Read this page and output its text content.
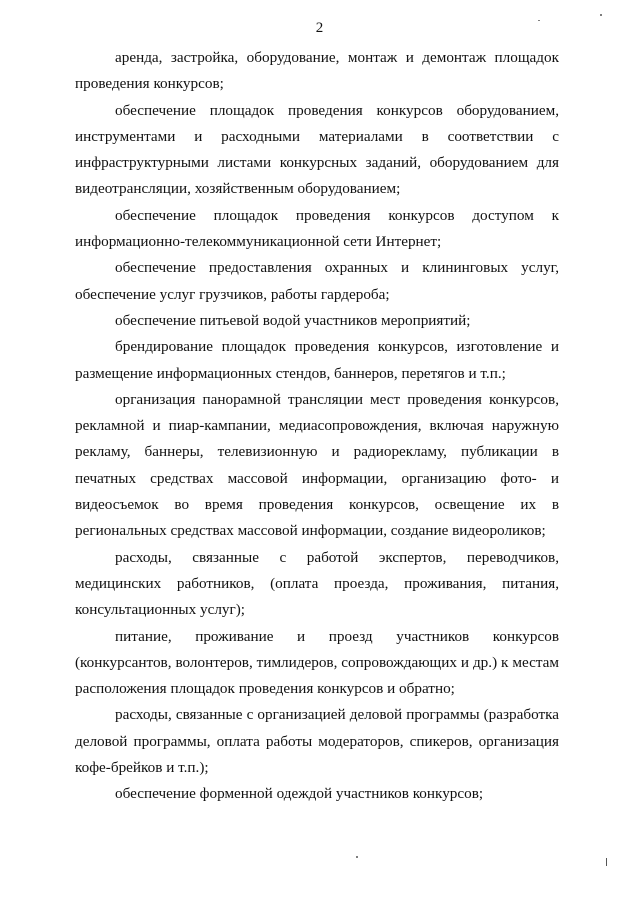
2

аренда, застройка, оборудование, монтаж и демонтаж площадок проведения конкурсов;

обеспечение площадок проведения конкурсов оборудованием, инструментами и расходными материалами в соответствии с инфраструктурными листами конкурсных заданий, оборудованием для видеотрансляции, хозяйственным оборудованием;

обеспечение площадок проведения конкурсов доступом к информационно-телекоммуникационной сети Интернет;

обеспечение предоставления охранных и клининговых услуг, обеспечение услуг грузчиков, работы гардероба;

обеспечение питьевой водой участников мероприятий;

брендирование площадок проведения конкурсов, изготовление и размещение информационных стендов, баннеров, перетягов и т.п.;

организация панорамной трансляции мест проведения конкурсов, рекламной и пиар-кампании, медиасопровождения, включая наружную рекламу, баннеры, телевизионную и радиорекламу, публикации в печатных средствах массовой информации, организацию фото- и видеосъемок во время проведения конкурсов, освещение их в региональных средствах массовой информации, создание видеороликов;

расходы, связанные с работой экспертов, переводчиков, медицинских работников, (оплата проезда, проживания, питания, консультационных услуг);

питание, проживание и проезд участников конкурсов (конкурсантов, волонтеров, тимлидеров, сопровождающих и др.) к местам расположения площадок проведения конкурсов и обратно;

расходы, связанные с организацией деловой программы (разработка деловой программы, оплата работы модераторов, спикеров, организация кофе-брейков и т.п.);

обеспечение форменной одеждой участников конкурсов;
